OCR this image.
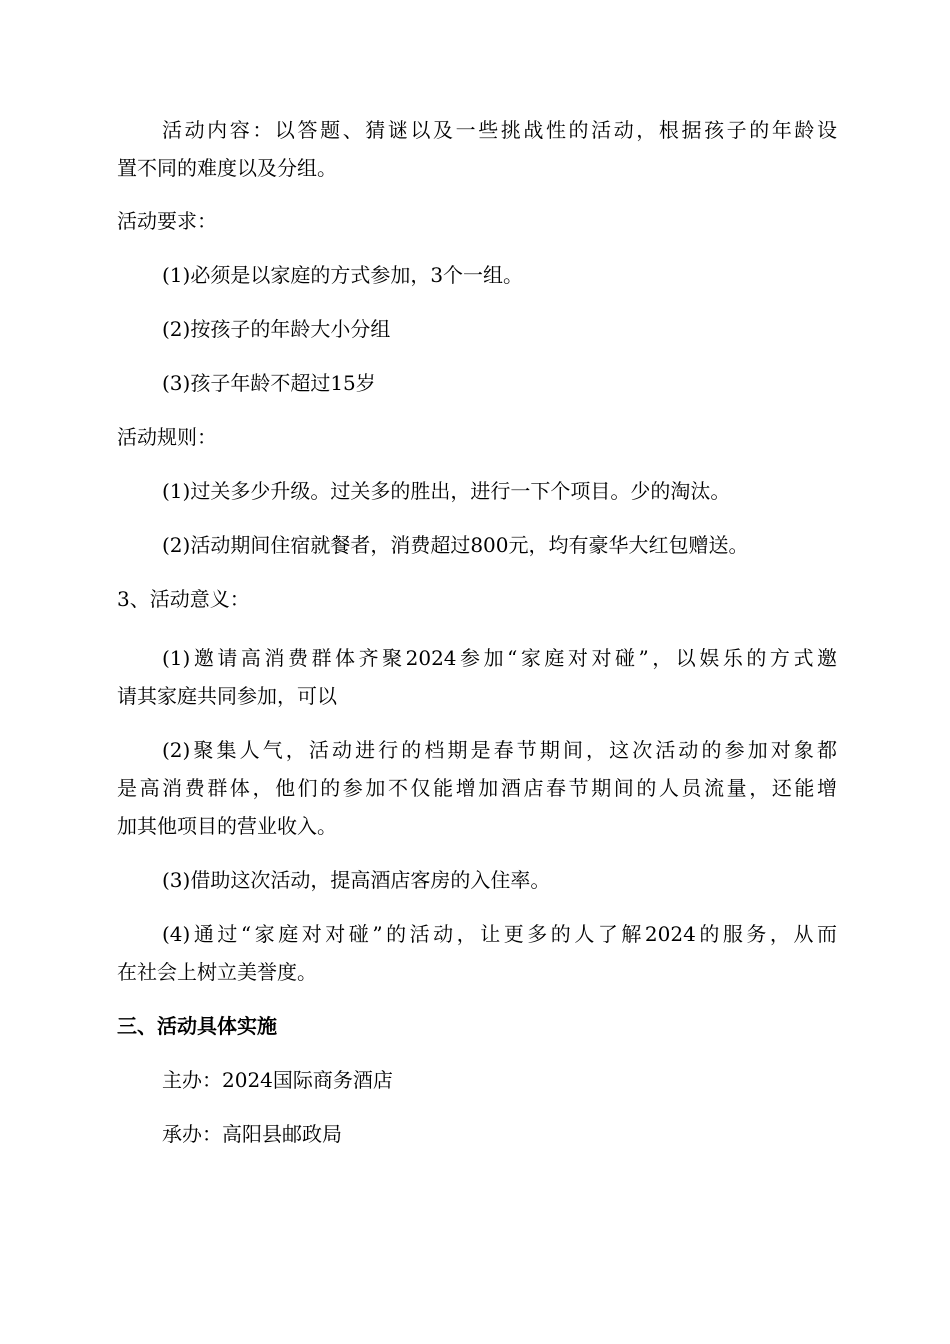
活动内容：以答题、猜谜以及一些挑战性的活动，根据孩子的年龄设
置不同的难度以及分组。
活动要求：
(1)必须是以家庭的方式参加，3个一组。
(2)按孩子的年龄大小分组
(3)孩子年龄不超过15岁
活动规则：
(1)过关多少升级。过关多的胜出，进行一下个项目。少的淘汰。
(2)活动期间住宿就餐者，消费超过800元，均有豪华大红包赠送。
3、活动意义：
(1)邀请高消费群体齐聚2024参加“家庭对对碰”，以娱乐的方式邀
请其家庭共同参加，可以
(2)聚集人气，活动进行的档期是春节期间，这次活动的参加对象都
是高消费群体，他们的参加不仅能增加酒店春节期间的人员流量，还能增
加其他项目的营业收入。
(3)借助这次活动，提高酒店客房的入住率。
(4)通过“家庭对对碰”的活动，让更多的人了解2024的服务，从而
在社会上树立美誉度。
三、活动具体实施
主办：2024国际商务酒店
承办：高阳县邮政局
